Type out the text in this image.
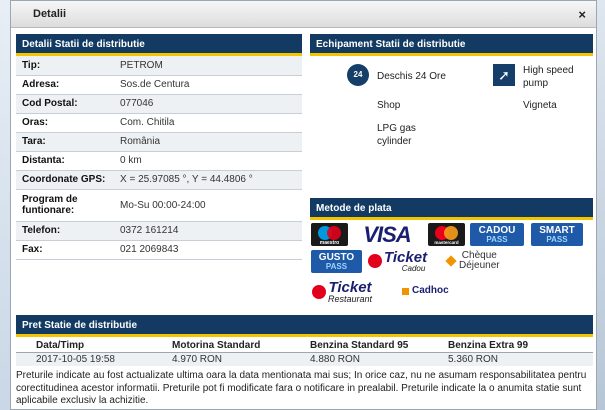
Detalii	×
Detalii Statii de distributie
Tip:	PETROM
Adresa:	Sos.de Centura
Cod Postal:	077046
Oras:	Com. Chitila
Tara:	România
Distanta:	0 km
Coordonate GPS:	X = 25.97085 °, Y = 44.4806 °
Program de funtionare:	Mo-Su 00:00-24:00
Telefon:	0372 161214
Fax:	021 2069843
Echipament Statii de distributie
24	Deschis 24 Ore	➚	High speed pump
Shop	Vigneta
LPG gas cylinder
Metode de plata
maestro VISA	mastercard
CADOU
PASS
SMART
PASS
GUSTO
PASS
Ticket
Cadou
Chèque
Déjeuner
Ticket
Restaurant
Cadhoc
Pret Statie de distributie
Data/Timp	Motorina Standard	Benzina Standard 95	Benzina Extra 99
2017-10-05 19:58	4.970 RON	4.880 RON	5.360 RON
Preturile indicate au fost actualizate ultima oara la data mentionata mai sus; In orice caz, nu ne asumam responsabilitatea pentru corectitudinea acestor informatii. Preturile pot fi modificate fara o notificare in prealabil. Preturile indicate la o anumita statie sunt aplicabile exclusiv la achizitie.
